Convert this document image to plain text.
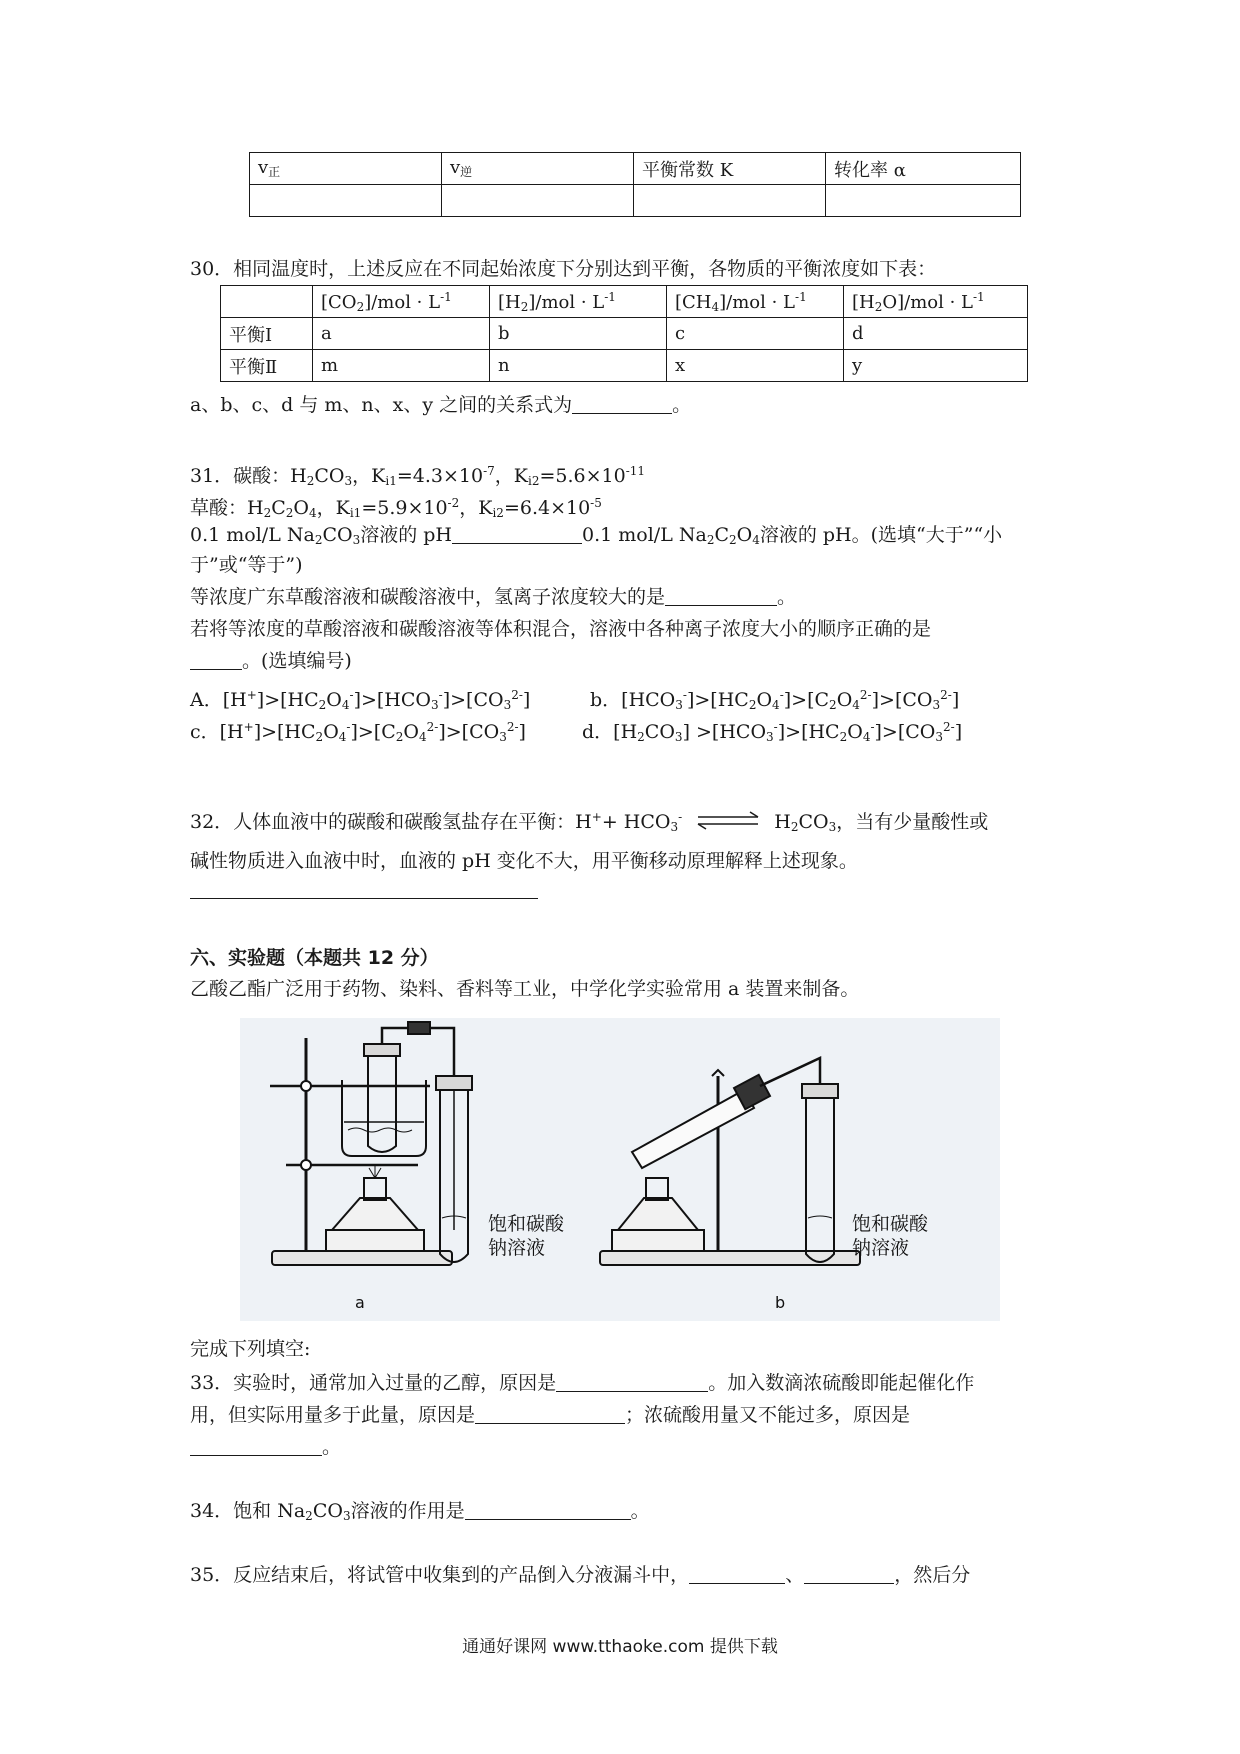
$v_正$	$v_逆$	平衡常数 K	转化率 α

30．相同温度时，上述反应在不同起始浓度下分别达到平衡，各物质的平衡浓度如下表：
	$[CO_2]$/mol · $L^{-1}$	$[H_2]$/mol · $L^{-1}$	$[CH_4]$/mol · $L^{-1}$	$[H_2O]$/mol · $L^{-1}$
平衡Ⅰ	a	b	c	d
平衡Ⅱ	m	n	x	y
a、b、c、d 与 m、n、x、y 之间的关系式为	。
31．碳酸：$H_2CO_3$，$K_{i1}=4.3\times 10^{-7}$，$K_{i2}=5.6\times 10^{-11}$
草酸：$H_2C_2O_4$，$K_{i1}=5.9\times 10^{-2}$，$K_{i2}=6.4\times 10^{-5}$
0.1 mol/L $Na_2CO_3$溶液的 pH	0.1 mol/L $Na_2C_2O_4$溶液的 pH。(选填“大于”“小
于”或“等于”)
等浓度广东草酸溶液和碳酸溶液中，氢离子浓度较大的是	。
若将等浓度的草酸溶液和碳酸溶液等体积混合，溶液中各种离子浓度大小的顺序正确的是
。(选填编号)
A．$[H^+]>[HC_2O_4^-]>[HCO_3^-]>[CO_3^{2-}]$	b．$[HCO_3^-]>[HC_2O_4^-]>[C_2O_4^{2-}]>[CO_3^{2-}]$
c．$[H^+]>[HC_2O_4^-]>[C_2O_4^{2-}]>[CO_3^{2-}]$	d．$[H_2CO_3] >[HCO_3^-]>[HC_2O_4^-]>[CO_3^{2-}]$
32．人体血液中的碳酸和碳酸氢盐存在平衡：$H^++ HCO_3^-$ ⇌ $H_2CO_3$，当有少量酸性或
碱性物质进入血液中时，血液的 pH 变化不大，用平衡移动原理解释上述现象。
六、实验题（本题共 12 分）
乙酸乙酯广泛用于药物、染料、香料等工业，中学化学实验常用 a 装置来制备。
饱和碳酸
钠溶液
饱和碳酸
钠溶液
a	b
完成下列填空:
33．实验时，通常加入过量的乙醇，原因是	。加入数滴浓硫酸即能起催化作
用，但实际用量多于此量，原因是	；浓硫酸用量又不能过多，原因是
。
34．饱和 $Na_2CO_3$溶液的作用是	。
35．反应结束后，将试管中收集到的产品倒入分液漏斗中，	、	，然后分
通通好课网 www.tthaoke.com 提供下载
